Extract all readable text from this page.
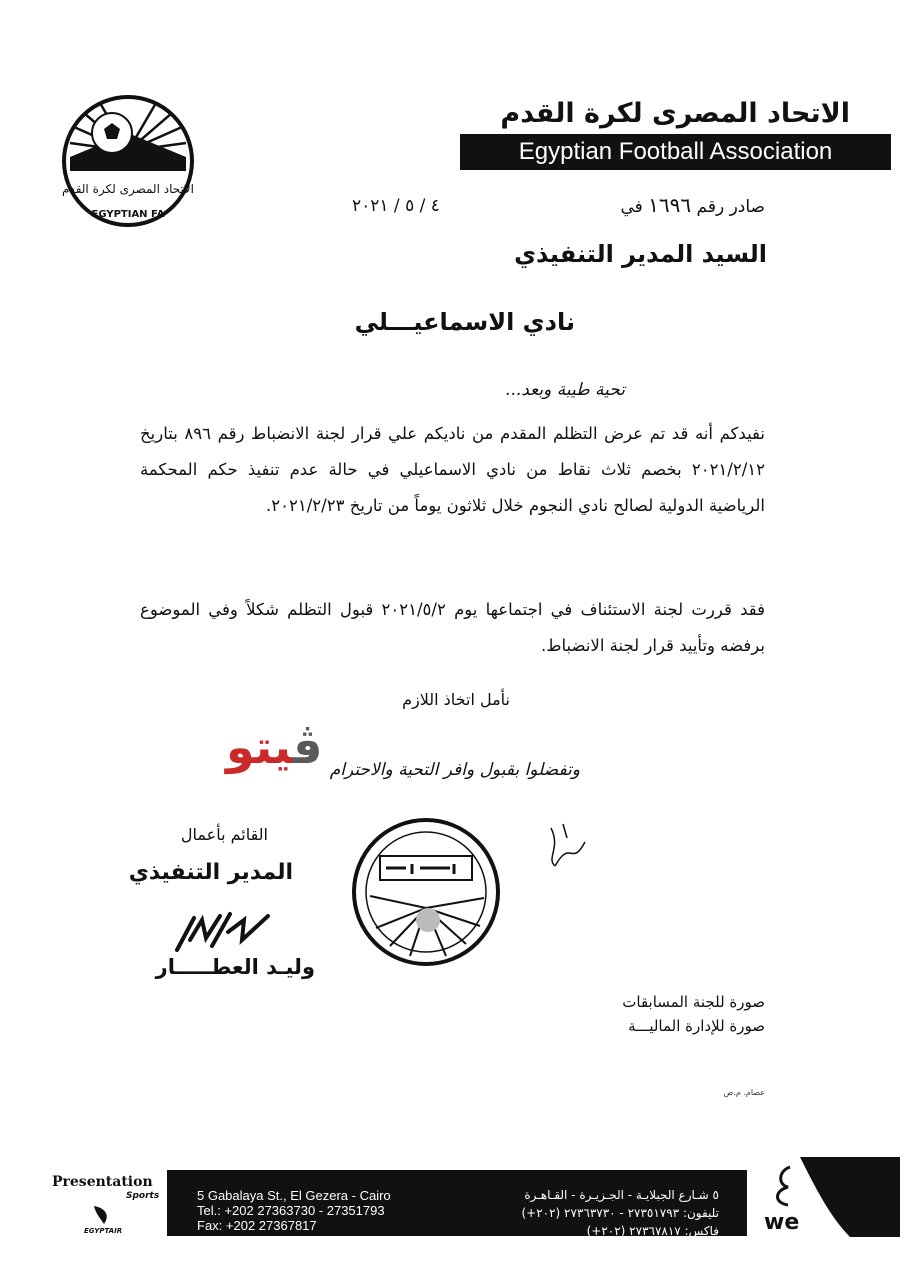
الاتحاد المصرى لكرة القدم
EGYPTIAN FA
الاتحاد المصرى لكرة القدم
Egyptian Football Association
صادر رقم ١٦٩٦ في
٤ / ٥ / ٢٠٢١
السيد المدير التنفيذي
نادي الاسماعيـــلي
تحية طيبة وبعد...
نفيدكم أنه قد تم عرض التظلم المقدم من ناديكم علي قرار لجنة الانضباط رقم ٨٩٦ بتاريخ ٢٠٢١/٢/١٢ بخصم ثلاث نقاط من نادي الاسماعيلي في حالة عدم تنفيذ حكم المحكمة الرياضية الدولية لصالح نادي النجوم خلال ثلاثون يوماً من تاريخ ٢٠٢١/٢/٢٣.
فقد قررت لجنة الاستئناف في اجتماعها يوم ٢٠٢١/٥/٢ قبول التظلم شكلاً وفي الموضوع برفضه وتأييد قرار لجنة الانضباط.
نأمل اتخاذ اللازم
ڤيتو	وتفضلوا بقبول وافر التحية والاحترام
القائم بأعمال
المدير التنفيذي
وليـد العطـــــار
صورة للجنة المسابقات
صورة للإدارة الماليـــة
عصام. م.ص
Presentation
Sports
EGYPTAIR
5 Gabalaya St., El Gezera - Cairo
Tel.: +202 27363730 - 27351793
Fax: +202 27367817
٥ شـارع الجبلايـة - الجـزيـرة - القـاهـرة
تليفون: ٢٧٣٥١٧٩٣ - ٢٧٣٦٣٧٣٠ (٢٠٢+)
فاكس: ٢٧٣٦٧٨١٧ (٢٠٢+)	we
